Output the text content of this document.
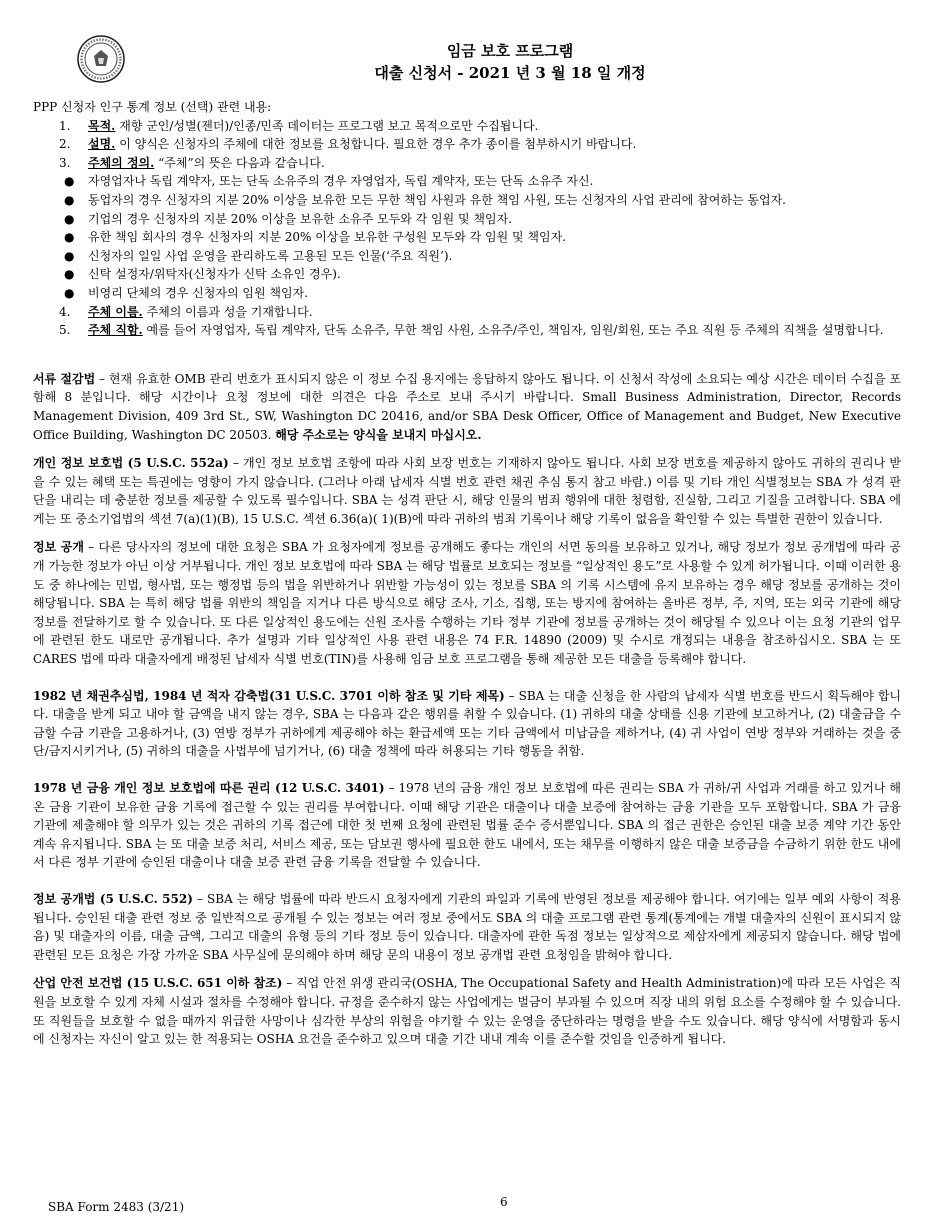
임금 보호 프로그램
대출 신청서 - 2021 년 3 월 18 일 개정

PPP 신청자 인구 통계 정보 (선택) 관련 내용:

1. 목적. 재향 군인/성별(젠더)/인종/민족 데이터는 프로그램 보고 목적으로만 수집됩니다.
2. 설명. 이 양식은 신청자의 주체에 대한 정보를 요청합니다. 필요한 경우 추가 종이를 첨부하시기 바랍니다.
3. 주체의 정의. “주체”의 뜻은 다음과 같습니다.
● 자영업자나 독립 계약자, 또는 단독 소유주의 경우 자영업자, 독립 계약자, 또는 단독 소유주 자신.
● 동업자의 경우 신청자의 지분 20% 이상을 보유한 모든 무한 책임 사원과 유한 책임 사원, 또는 신청자의 사업 관리에 참여하는 동업자.
● 기업의 경우 신청자의 지분 20% 이상을 보유한 소유주 모두와 각 임원 및 책임자.
● 유한 책임 회사의 경우 신청자의 지분 20% 이상을 보유한 구성원 모두와 각 임원 및 책임자.
● 신청자의 일일 사업 운영을 관리하도록 고용된 모든 인물(‘주요 직원’).
● 신탁 설정자/위탁자(신청자가 신탁 소유인 경우).
● 비영리 단체의 경우 신청자의 임원 책임자.
4. 주체 이름. 주체의 이름과 성을 기재합니다.
5. 주체 직함. 예를 들어 자영업자, 독립 계약자, 단독 소유주, 무한 책임 사원, 소유주/주인, 책임자, 임원/회원, 또는 주요 직원 등 주체의 직책을 설명합니다.

서류 절감법 – 현재 유효한 OMB 관리 번호가 표시되지 않은 이 정보 수집 용지에는 응답하지 않아도 됩니다. 이 신청서 작성에 소요되는 예상 시간은 데이터 수집을 포함해 8 분입니다. 해당 시간이나 요청 정보에 대한 의견은 다음 주소로 보내 주시기 바랍니다. Small Business Administration, Director, Records Management Division, 409 3rd St., SW, Washington DC 20416, and/or SBA Desk Officer, Office of Management and Budget, New Executive Office Building, Washington DC 20503. 해당 주소로는 양식을 보내지 마십시오.

개인 정보 보호법 (5 U.S.C. 552a) – 개인 정보 보호법 조항에 따라 사회 보장 번호는 기재하지 않아도 됩니다. 사회 보장 번호를 제공하지 않아도 귀하의 권리나 받을 수 있는 혜택 또는 특권에는 영향이 가지 않습니다. (그러나 아래 납세자 식별 번호 관련 채권 추심 통지 참고 바람.) 이름 및 기타 개인 식별정보는 SBA 가 성격 판단을 내리는 데 충분한 정보를 제공할 수 있도록 필수입니다. SBA 는 성격 판단 시, 해당 인물의 범죄 행위에 대한 청렴함, 진실함, 그리고 기질을 고려합니다. SBA 에게는 또 중소기업법의 섹션 7(a)(1)(B), 15 U.S.C. 섹션 6.36(a)( 1)(B)에 따라 귀하의 범죄 기록이나 해당 기록이 없음을 확인할 수 있는 특별한 권한이 있습니다.

정보 공개 – 다른 당사자의 정보에 대한 요청은 SBA 가 요청자에게 정보를 공개해도 좋다는 개인의 서면 동의를 보유하고 있거나, 해당 정보가 정보 공개법에 따라 공개 가능한 정보가 아닌 이상 거부됩니다. 개인 정보 보호법에 따라 SBA 는 해당 법률로 보호되는 정보를 “일상적인 용도”로 사용할 수 있게 허가됩니다. 이때 이러한 용도 중 하나에는 민법, 형사법, 또는 행정법 등의 법을 위반하거나 위반할 가능성이 있는 정보를 SBA 의 기록 시스템에 유지 보유하는 경우 해당 정보를 공개하는 것이 해당됩니다. SBA 는 특히 해당 법률 위반의 책임을 지거나 다른 방식으로 해당 조사, 기소, 집행, 또는 방지에 참여하는 올바른 정부, 주, 지역, 또는 외국 기관에 해당 정보를 전달하기로 할 수 있습니다. 또 다른 일상적인 용도에는 신원 조사를 수행하는 기타 정부 기관에 정보를 공개하는 것이 해당될 수 있으나 이는 요청 기관의 업무에 관련된 한도 내로만 공개됩니다. 추가 설명과 기타 일상적인 사용 관련 내용은 74 F.R. 14890 (2009) 및 수시로 개정되는 내용을 참조하십시오. SBA 는 또 CARES 법에 따라 대출자에게 배정된 납세자 식별 번호(TIN)를 사용해 임금 보호 프로그램을 통해 제공한 모든 대출을 등록해야 합니다.

1982 년 채권추심법, 1984 년 적자 감축법(31 U.S.C. 3701 이하 참조 및 기타 제목) – SBA 는 대출 신청을 한 사람의 납세자 식별 번호를 반드시 획득해야 합니다. 대출을 받게 되고 내야 할 금액을 내지 않는 경우, SBA 는 다음과 같은 행위를 취할 수 있습니다. (1) 귀하의 대출 상태를 신용 기관에 보고하거나, (2) 대출금을 수금할 수금 기관을 고용하거나, (3) 연방 정부가 귀하에게 제공해야 하는 환급세액 또는 기타 금액에서 미납금을 제하거나, (4) 귀 사업이 연방 정부와 거래하는 것을 중단/금지시키거나, (5) 귀하의 대출을 사법부에 넘기거나, (6) 대출 정책에 따라 허용되는 기타 행동을 취함.

1978 년 금융 개인 정보 보호법에 따른 권리 (12 U.S.C. 3401) – 1978 년의 금융 개인 정보 보호법에 따른 권리는 SBA 가 귀하/귀 사업과 거래를 하고 있거나 해 온 금융 기관이 보유한 금융 기록에 접근할 수 있는 권리를 부여합니다. 이때 해당 기관은 대출이나 대출 보증에 참여하는 금융 기관을 모두 포함합니다. SBA 가 금융 기관에 제출해야 할 의무가 있는 것은 귀하의 기록 접근에 대한 첫 번째 요청에 관련된 법률 준수 증서뿐입니다. SBA 의 접근 권한은 승인된 대출 보증 계약 기간 동안 계속 유지됩니다. SBA 는 또 대출 보증 처리, 서비스 제공, 또는 담보권 행사에 필요한 한도 내에서, 또는 채무를 이행하지 않은 대출 보증금을 수금하기 위한 한도 내에서 다른 정부 기관에 승인된 대출이나 대출 보증 관련 금융 기록을 전달할 수 있습니다.

정보 공개법 (5 U.S.C. 552) – SBA 는 해당 법률에 따라 반드시 요청자에게 기관의 파일과 기록에 반영된 정보를 제공해야 합니다. 여기에는 일부 예외 사항이 적용됩니다. 승인된 대출 관련 정보 중 일반적으로 공개될 수 있는 정보는 여러 정보 중에서도 SBA 의 대출 프로그램 관련 통계(통계에는 개별 대출자의 신원이 표시되지 않음) 및 대출자의 이름, 대출 금액, 그리고 대출의 유형 등의 기타 정보 등이 있습니다. 대출자에 관한 독점 정보는 일상적으로 제삼자에게 제공되지 않습니다. 해당 법에 관련된 모든 요청은 가장 가까운 SBA 사무실에 문의해야 하며 해당 문의 내용이 정보 공개법 관련 요청임을 밝혀야 합니다.

산업 안전 보건법 (15 U.S.C. 651 이하 참조) – 직업 안전 위생 관리국(OSHA, The Occupational Safety and Health Administration)에 따라 모든 사업은 직원을 보호할 수 있게 자체 시설과 절차를 수정해야 합니다. 규정을 준수하지 않는 사업에게는 벌금이 부과될 수 있으며 직장 내의 위험 요소를 수정해야 할 수 있습니다. 또 직원들을 보호할 수 없을 때까지 위급한 사망이나 심각한 부상의 위험을 야기할 수 있는 운영을 중단하라는 명령을 받을 수도 있습니다. 해당 양식에 서명함과 동시에 신청자는 자신이 알고 있는 한 적용되는 OSHA 요건을 준수하고 있으며 대출 기간 내내 계속 이를 준수할 것임을 인증하게 됩니다.

SBA Form 2483 (3/21)	6
